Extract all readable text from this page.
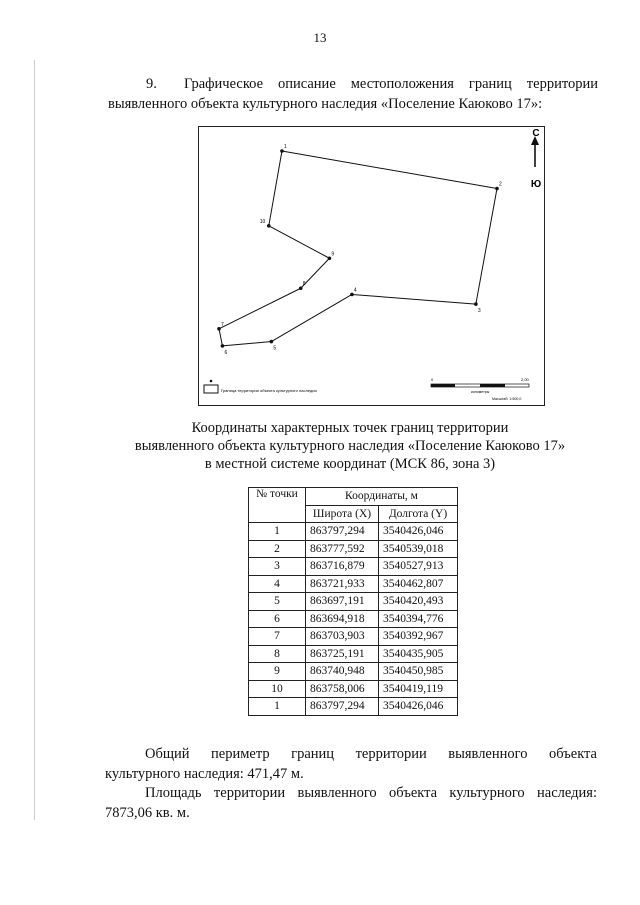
13
9. Графическое описание местоположения границ территории выявленного объекта культурного наследия «Поселение Каюково 17»:
1
2
3
4
5
6
7
8
9
10
С
Ю
Граница территории объекта культурного наследия
0	2,00
километры
Масштаб: 1:500,0
Координаты характерных точек границ территории
выявленного объекта культурного наследия «Поселение Каюково 17»
в местной системе координат (МСК 86, зона 3)
№ точки	Координаты, м	
	Широта (X)	Долгота (Y)
1	863797,294	3540426,046
2	863777,592	3540539,018
3	863716,879	3540527,913
4	863721,933	3540462,807
5	863697,191	3540420,493
6	863694,918	3540394,776
7	863703,903	3540392,967
8	863725,191	3540435,905
9	863740,948	3540450,985
10	863758,006	3540419,119
1	863797,294	3540426,046
Общий периметр границ территории выявленного объекта
культурного наследия: 471,47 м.
Площадь территории выявленного объекта культурного наследия:
7873,06 кв. м.
